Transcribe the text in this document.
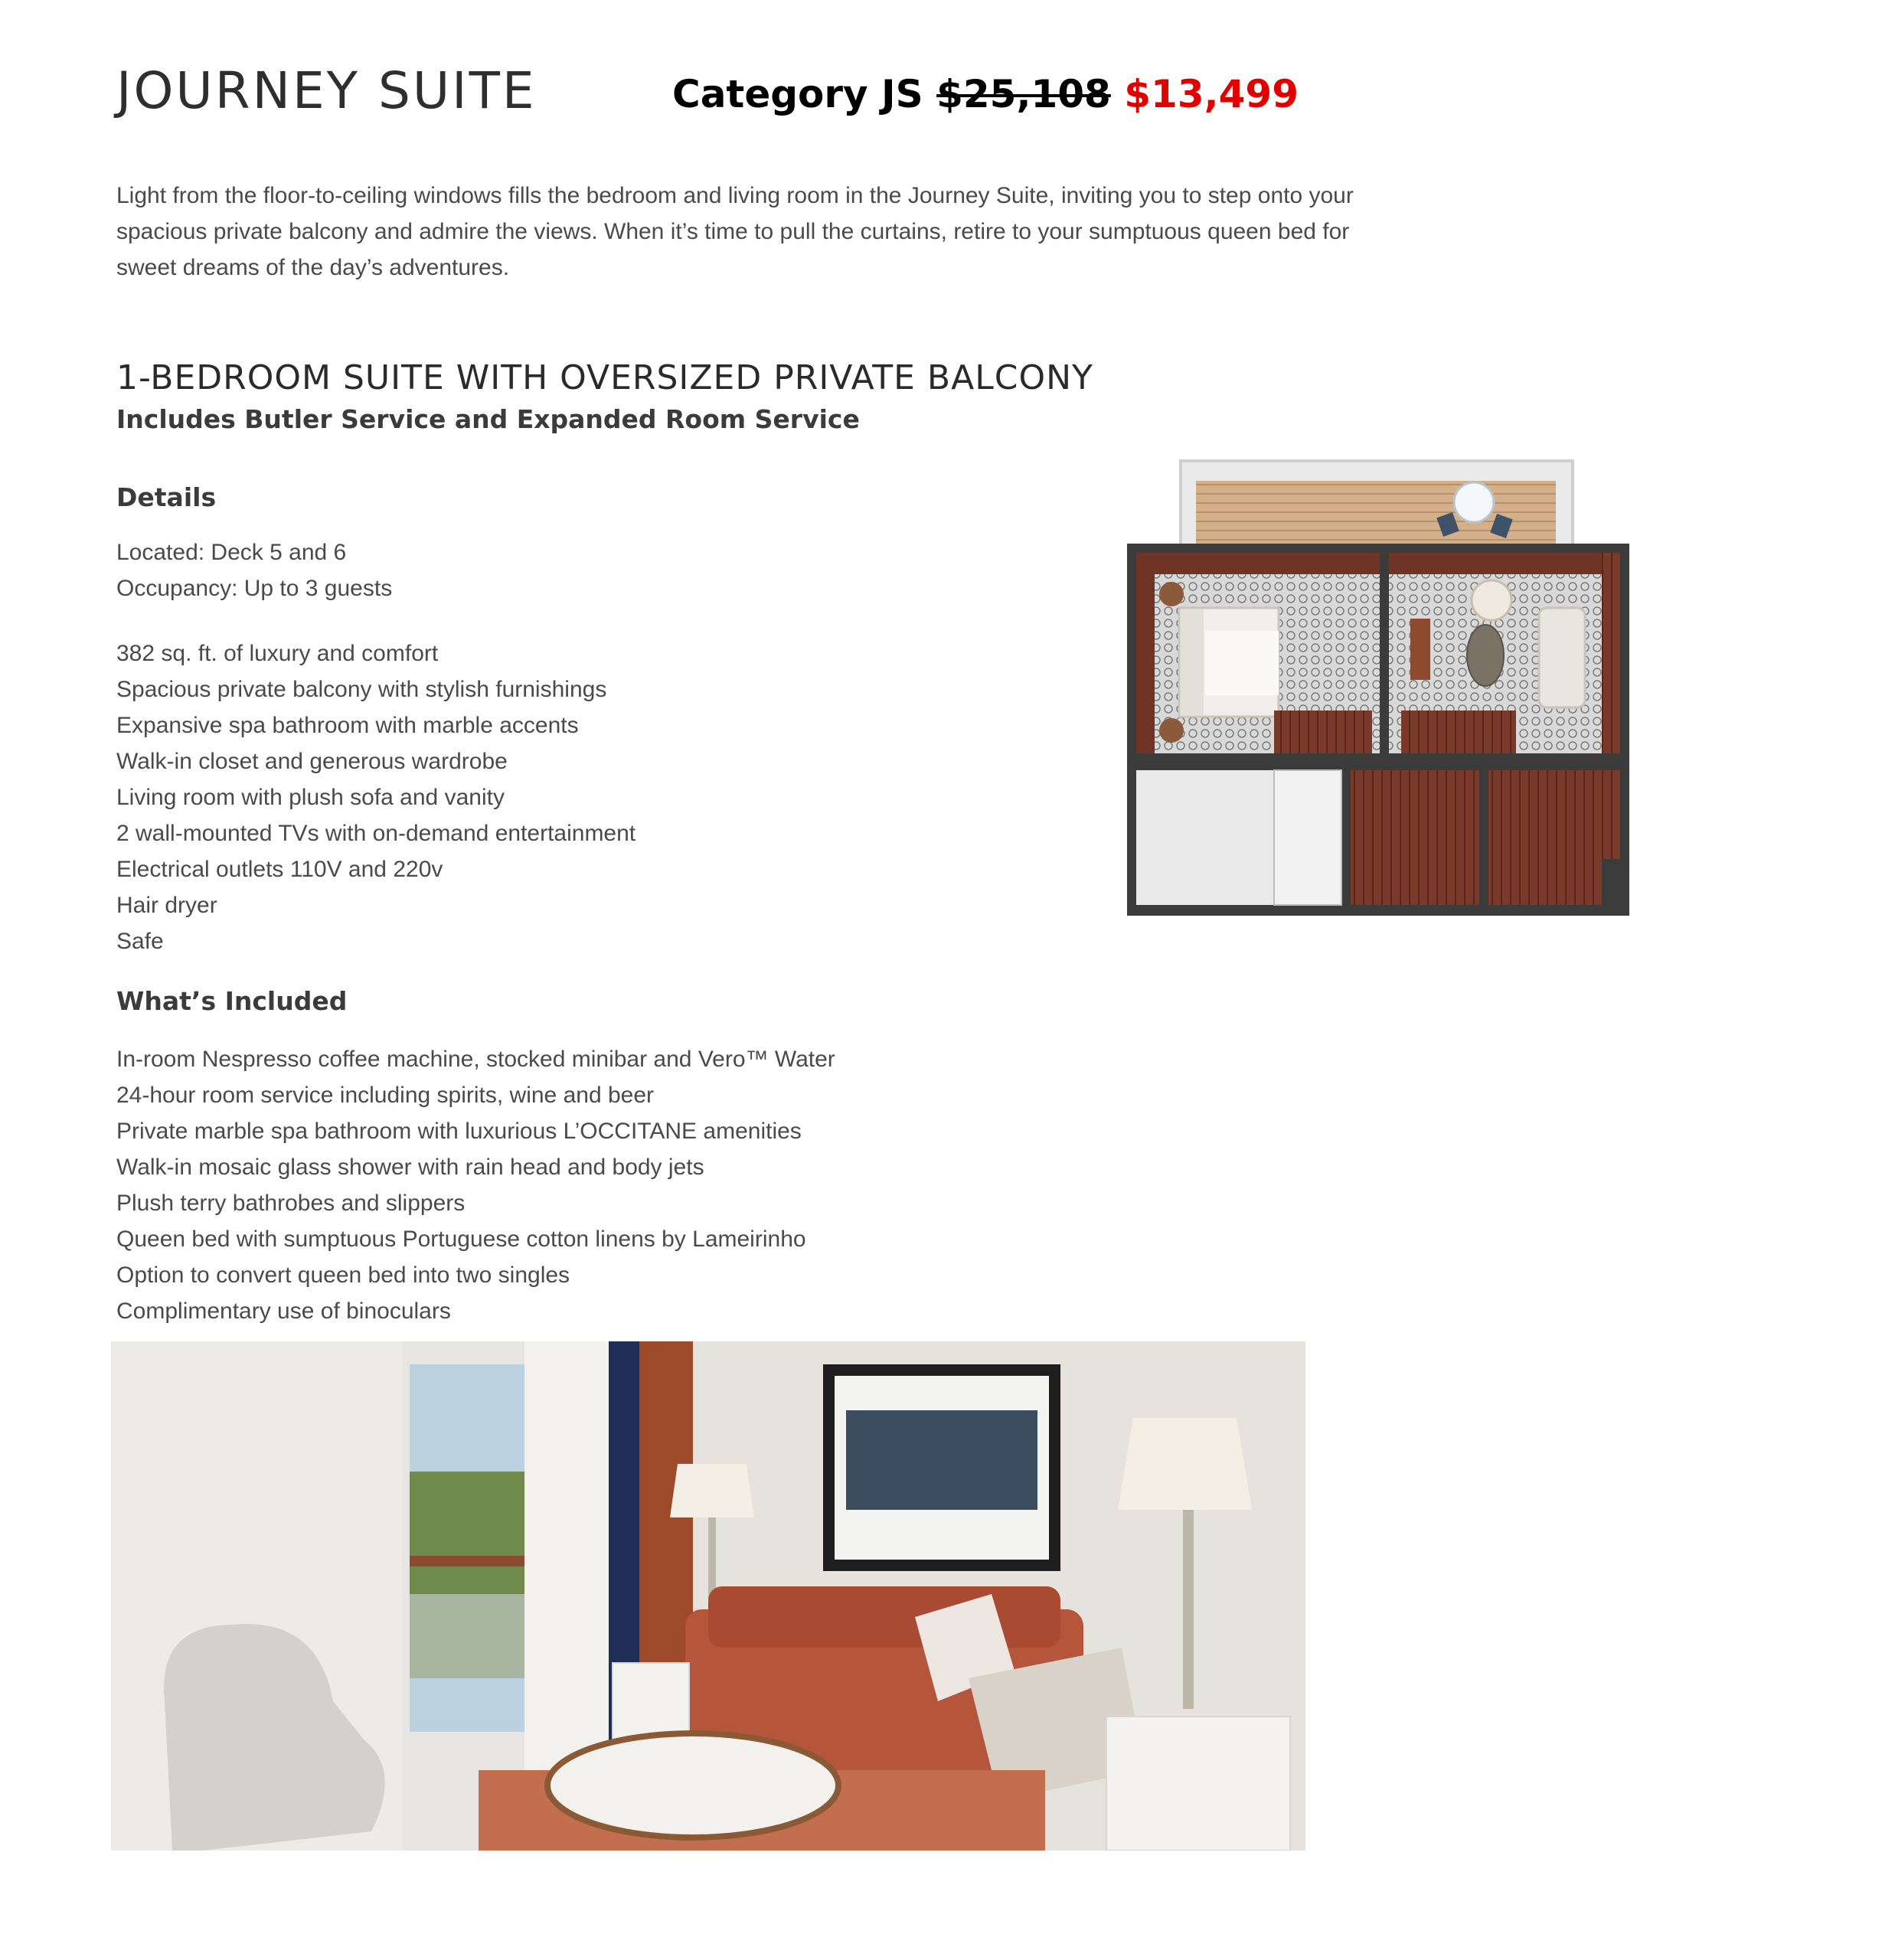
JOURNEY SUITE	Category JS $25,108 $13,499

Light from the floor-to-ceiling windows fills the bedroom and living room in the Journey Suite, inviting you to step onto your spacious private balcony and admire the views. When it’s time to pull the curtains, retire to your sumptuous queen bed for sweet dreams of the day’s adventures.

1-BEDROOM SUITE WITH OVERSIZED PRIVATE BALCONY
Includes Butler Service and Expanded Room Service
Details
Located: Deck 5 and 6
Occupancy: Up to 3 guests
382 sq. ft. of luxury and comfort
Spacious private balcony with stylish furnishings
Expansive spa bathroom with marble accents
Walk-in closet and generous wardrobe
Living room with plush sofa and vanity
2 wall-mounted TVs with on-demand entertainment
Electrical outlets 110V and 220v
Hair dryer
Safe
What’s Included
In-room Nespresso coffee machine, stocked minibar and Vero™ Water
24-hour room service including spirits, wine and beer
Private marble spa bathroom with luxurious L’OCCITANE amenities
Walk-in mosaic glass shower with rain head and body jets
Plush terry bathrobes and slippers
Queen bed with sumptuous Portuguese cotton linens by Lameirinho
Option to convert queen bed into two singles
Complimentary use of binoculars
